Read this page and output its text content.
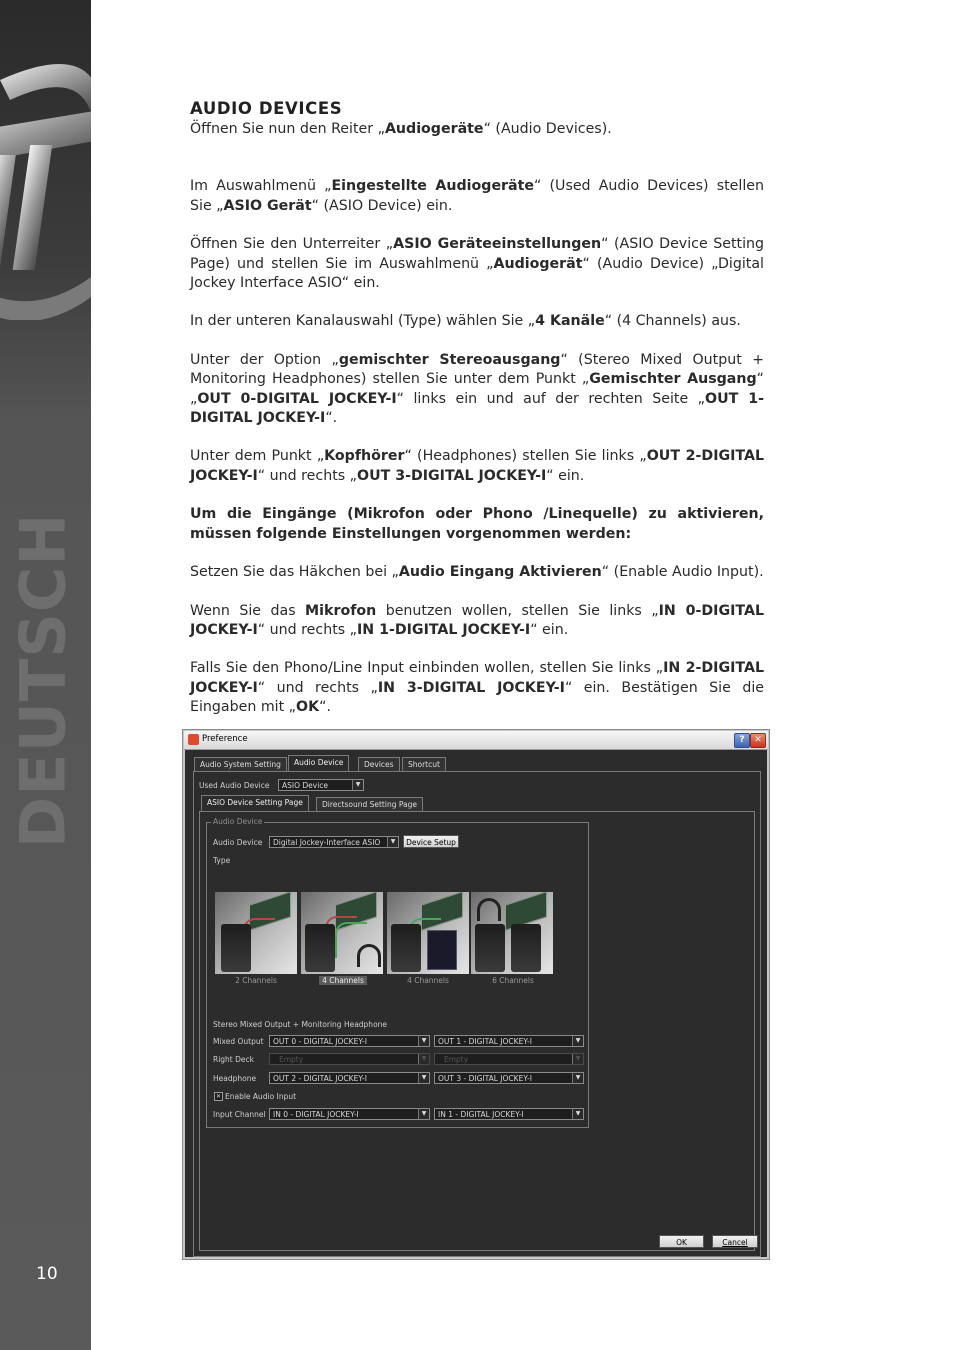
DEUTSCH
10
AUDIO DEVICES

Öffnen Sie nun den Reiter „Audiogeräte“ (Audio Devices).

Im Auswahlmenü „Eingestellte Audiogeräte“ (Used Audio Devices) stellen Sie „ASIO Gerät“ (ASIO Device) ein.

Öffnen Sie den Unterreiter „ASIO Geräteeinstellungen“ (ASIO Device Setting Page) und stellen Sie im Auswahlmenü „Audiogerät“ (Audio Device) „Digital Jockey Interface ASIO“ ein.

In der unteren Kanalauswahl (Type) wählen Sie „4 Kanäle“ (4 Channels) aus.

Unter der Option „gemischter Stereoausgang“ (Stereo Mixed Output + Monitoring Headphones) stellen Sie unter dem Punkt „Gemischter Ausgang“ „OUT 0-DIGITAL JOCKEY-I“ links ein und auf der rechten Seite „OUT 1-DIGITAL JOCKEY-I“.

Unter dem Punkt „Kopfhörer“ (Headphones) stellen Sie links „OUT 2-DIGITAL JOCKEY-I“ und rechts „OUT 3-DIGITAL JOCKEY-I“ ein.

Um die Eingänge (Mikrofon oder Phono /Linequelle) zu aktivieren, müssen folgende Einstellungen vorgenommen werden:

Setzen Sie das Häkchen bei „Audio Eingang Aktivieren“ (Enable Audio Input).

Wenn Sie das Mikrofon benutzen wollen, stellen Sie links „IN 0-DIGITAL JOCKEY-I“ und rechts „IN 1-DIGITAL JOCKEY-I“ ein.

Falls Sie den Phono/Line Input einbinden wollen, stellen Sie links „IN 2-DIGITAL JOCKEY-I“ und rechts „IN 3-DIGITAL JOCKEY-I“ ein. Bestätigen Sie die Eingaben mit „OK“.

Preference	?	✕
Audio System Setting	Audio Device	Devices	Shortcut
Used Audio Device	ASIO Device	▼
ASIO Device Setting Page	Directsound Setting Page
Audio Device
Audio Device	Digital Jockey-Interface ASIO	▼	Device Setup
Type
2 Channels	4 Channels	4 Channels	6 Channels
Stereo Mixed Output + Monitoring Headphone
Mixed Output	OUT 0 - DIGITAL JOCKEY-I	▼	OUT 1 - DIGITAL JOCKEY-I	▼
Right Deck	Empty	▼	Empty	▼
Headphone	OUT 2 - DIGITAL JOCKEY-I	▼	OUT 3 - DIGITAL JOCKEY-I	▼
✕ Enable Audio Input
Input Channel IN 0 - DIGITAL JOCKEY-I	▼	IN 1 - DIGITAL JOCKEY-I	▼
OK	Cancel
